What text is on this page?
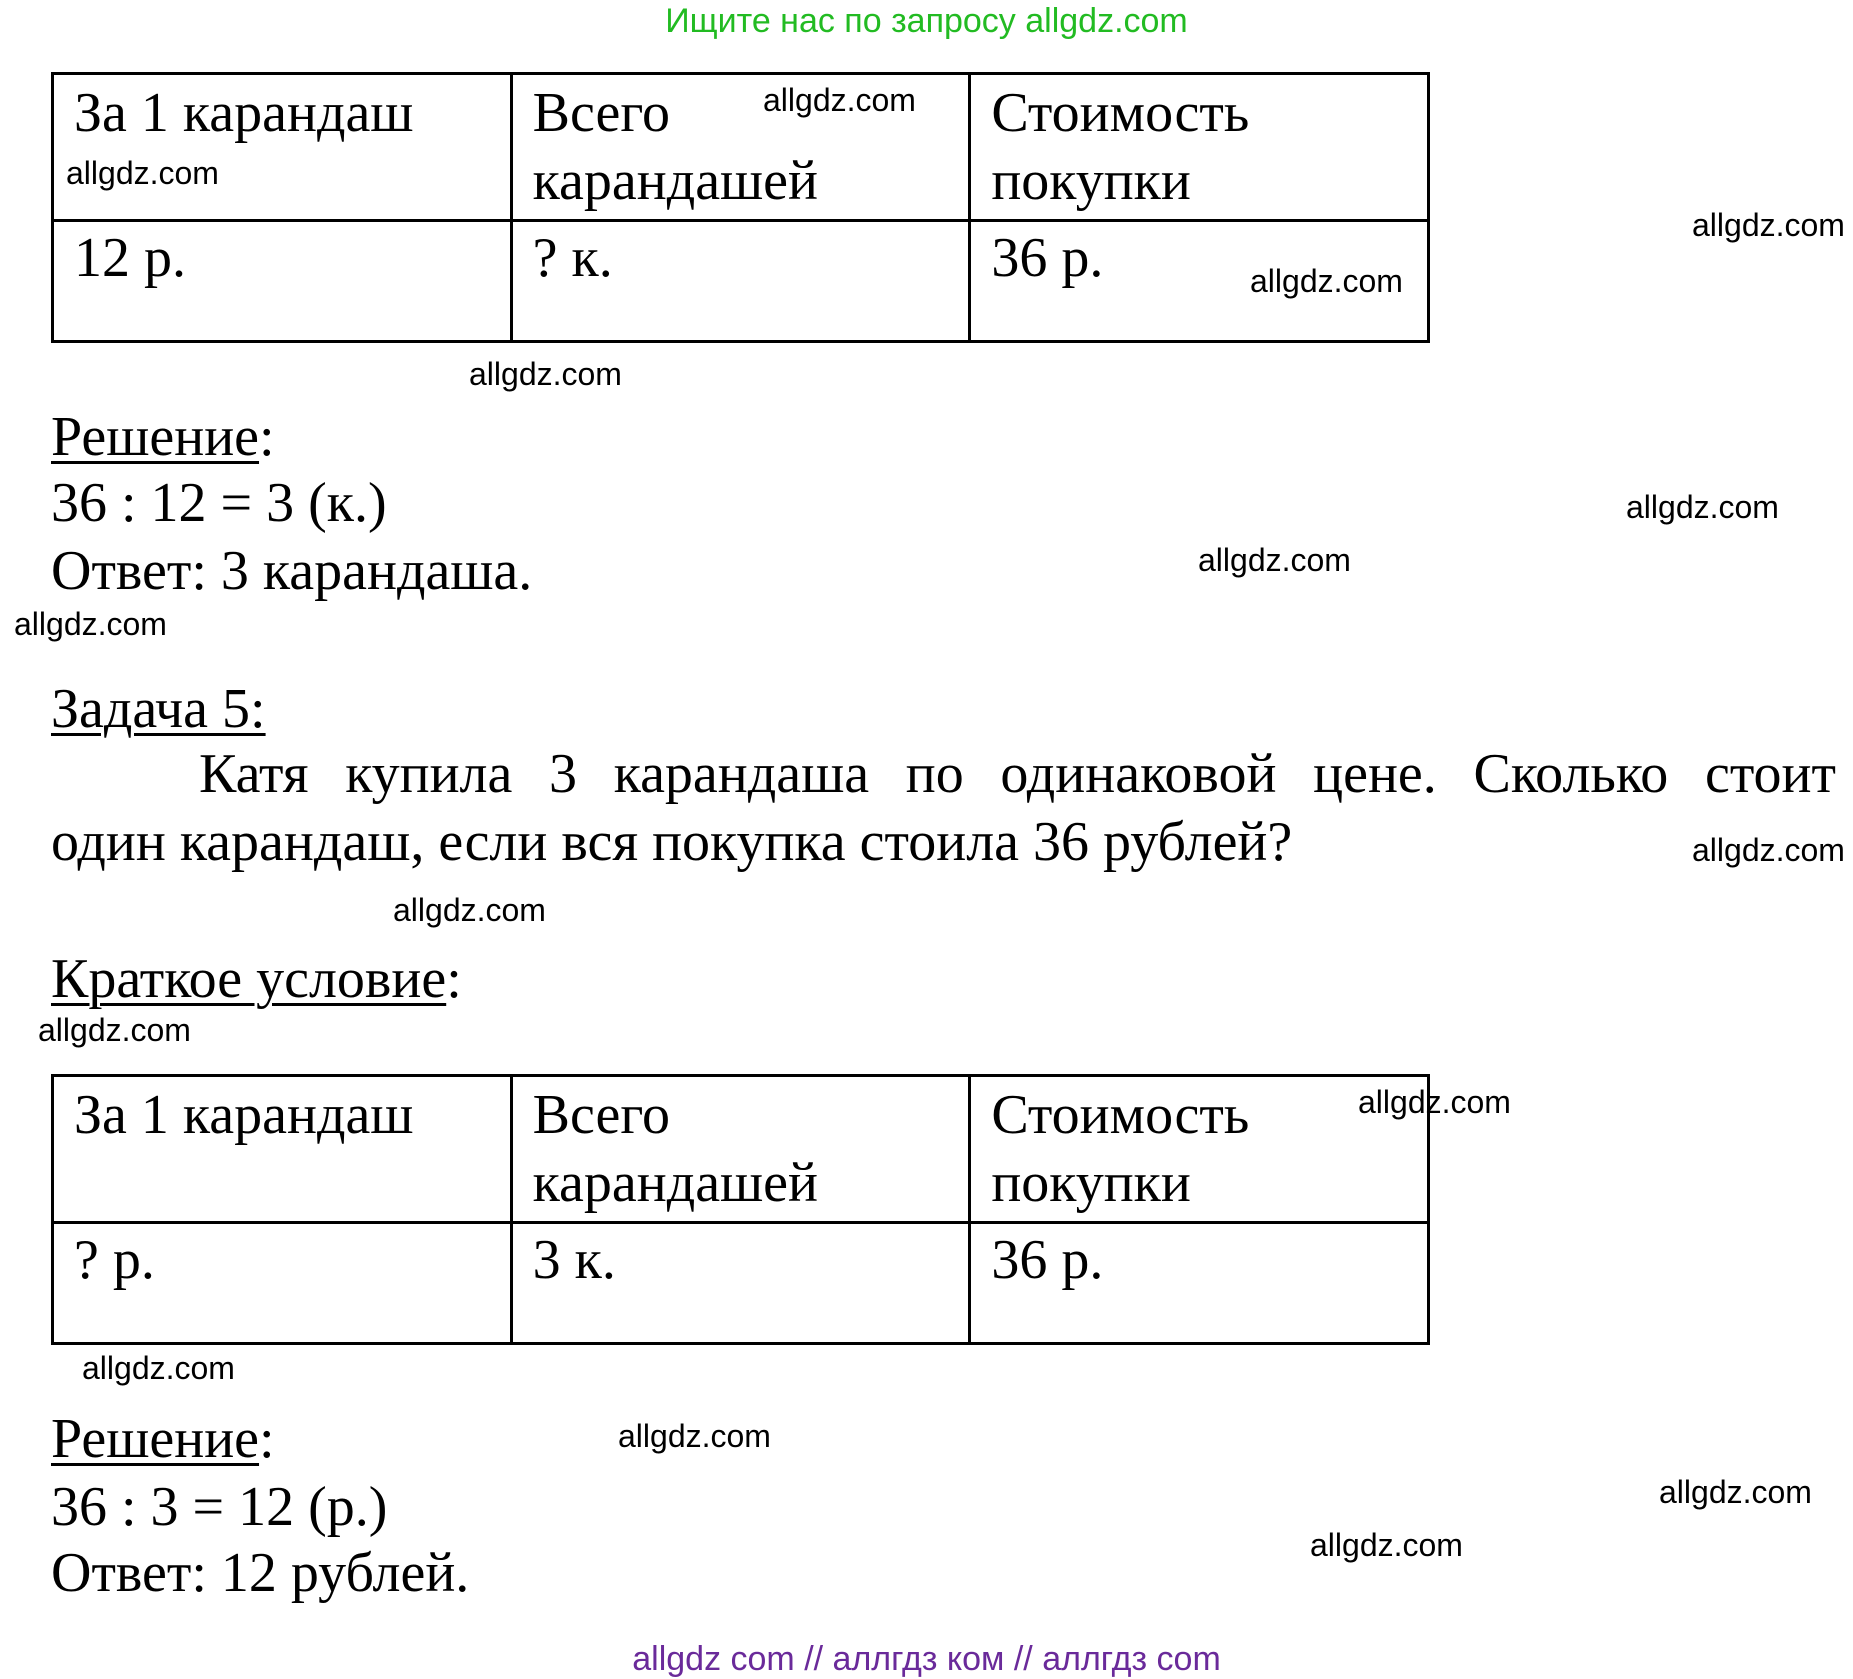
Ищите нас по запросу allgdz.com
За 1 карандаш	Всего карандашей	Стоимость покупки
12 р.	? к.	36 р.
Решение:
36 : 12 = 3 (к.)
Ответ: 3 карандаша.
Задача 5:
Катя купила 3 карандаша по одинаковой цене. Сколько стоит
один карандаш, если вся покупка стоила 36 рублей?
Краткое условие:
За 1 карандаш	Всего карандашей	Стоимость покупки
? р.	3 к.	36 р.
Решение:
36 : 3 = 12 (р.)
Ответ: 12 рублей.
allgdz.com
allgdz.com
allgdz.com
allgdz.com
allgdz.com
allgdz.com
allgdz.com
allgdz.com
allgdz.com
allgdz.com
allgdz.com
allgdz.com
allgdz.com
allgdz.com
allgdz.com
allgdz.com
allgdz com // аллгдз ком // аллгдз com
